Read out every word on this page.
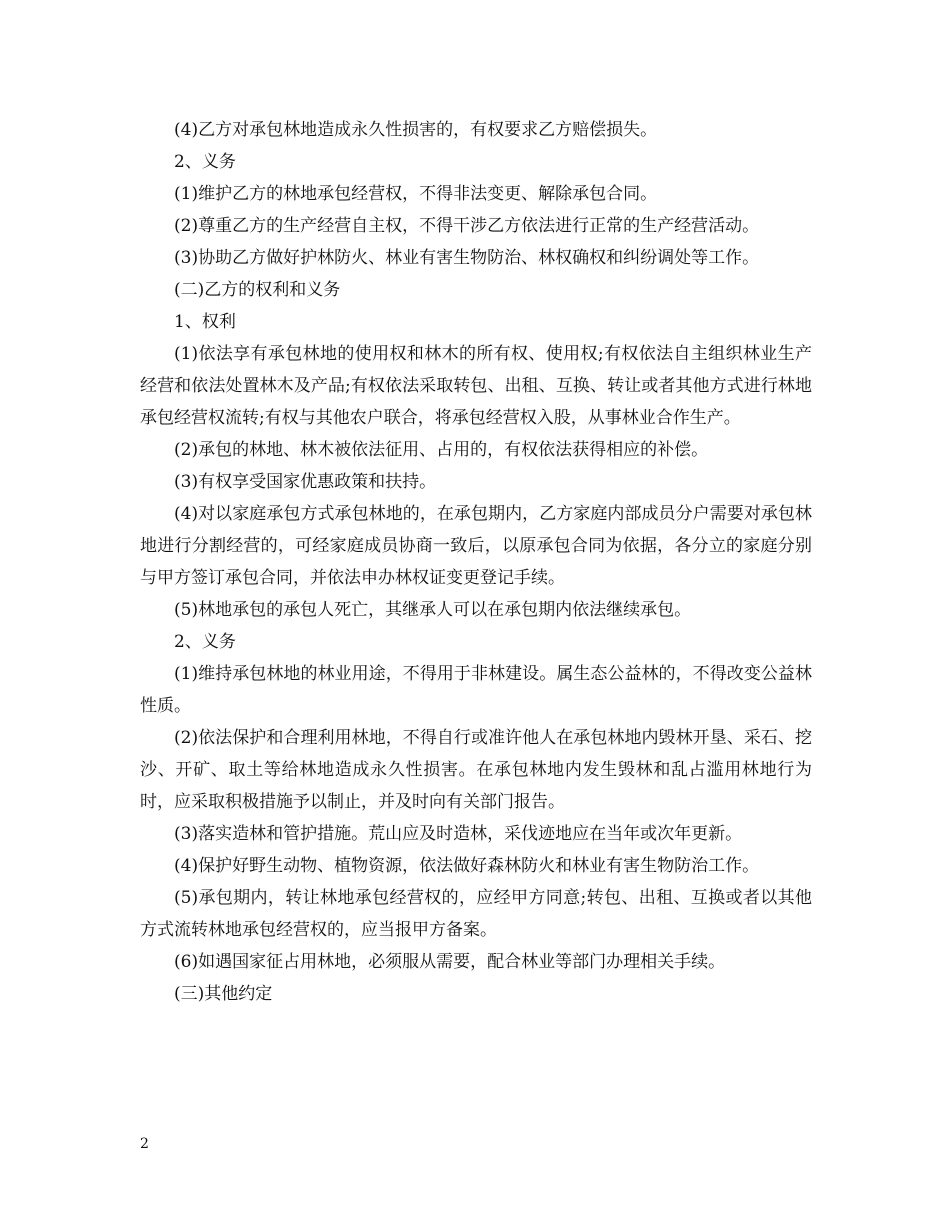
(4)乙方对承包林地造成永久性损害的，有权要求乙方赔偿损失。

2、义务

(1)维护乙方的林地承包经营权，不得非法变更、解除承包合同。

(2)尊重乙方的生产经营自主权，不得干涉乙方依法进行正常的生产经营活动。

(3)协助乙方做好护林防火、林业有害生物防治、林权确权和纠纷调处等工作。

(二)乙方的权利和义务

1、权利

(1)依法享有承包林地的使用权和林木的所有权、使用权;有权依法自主组织林业生产经营和依法处置林木及产品;有权依法采取转包、出租、互换、转让或者其他方式进行林地承包经营权流转;有权与其他农户联合，将承包经营权入股，从事林业合作生产。

(2)承包的林地、林木被依法征用、占用的，有权依法获得相应的补偿。

(3)有权享受国家优惠政策和扶持。

(4)对以家庭承包方式承包林地的，在承包期内，乙方家庭内部成员分户需要对承包林地进行分割经营的，可经家庭成员协商一致后，以原承包合同为依据，各分立的家庭分别与甲方签订承包合同，并依法申办林权证变更登记手续。

(5)林地承包的承包人死亡，其继承人可以在承包期内依法继续承包。

2、义务

(1)维持承包林地的林业用途，不得用于非林建设。属生态公益林的，不得改变公益林性质。

(2)依法保护和合理利用林地，不得自行或准许他人在承包林地内毁林开垦、采石、挖沙、开矿、取土等给林地造成永久性损害。在承包林地内发生毁林和乱占滥用林地行为时，应采取积极措施予以制止，并及时向有关部门报告。

(3)落实造林和管护措施。荒山应及时造林，采伐迹地应在当年或次年更新。

(4)保护好野生动物、植物资源，依法做好森林防火和林业有害生物防治工作。

(5)承包期内，转让林地承包经营权的，应经甲方同意;转包、出租、互换或者以其他方式流转林地承包经营权的，应当报甲方备案。

(6)如遇国家征占用林地，必须服从需要，配合林业等部门办理相关手续。

(三)其他约定

2
